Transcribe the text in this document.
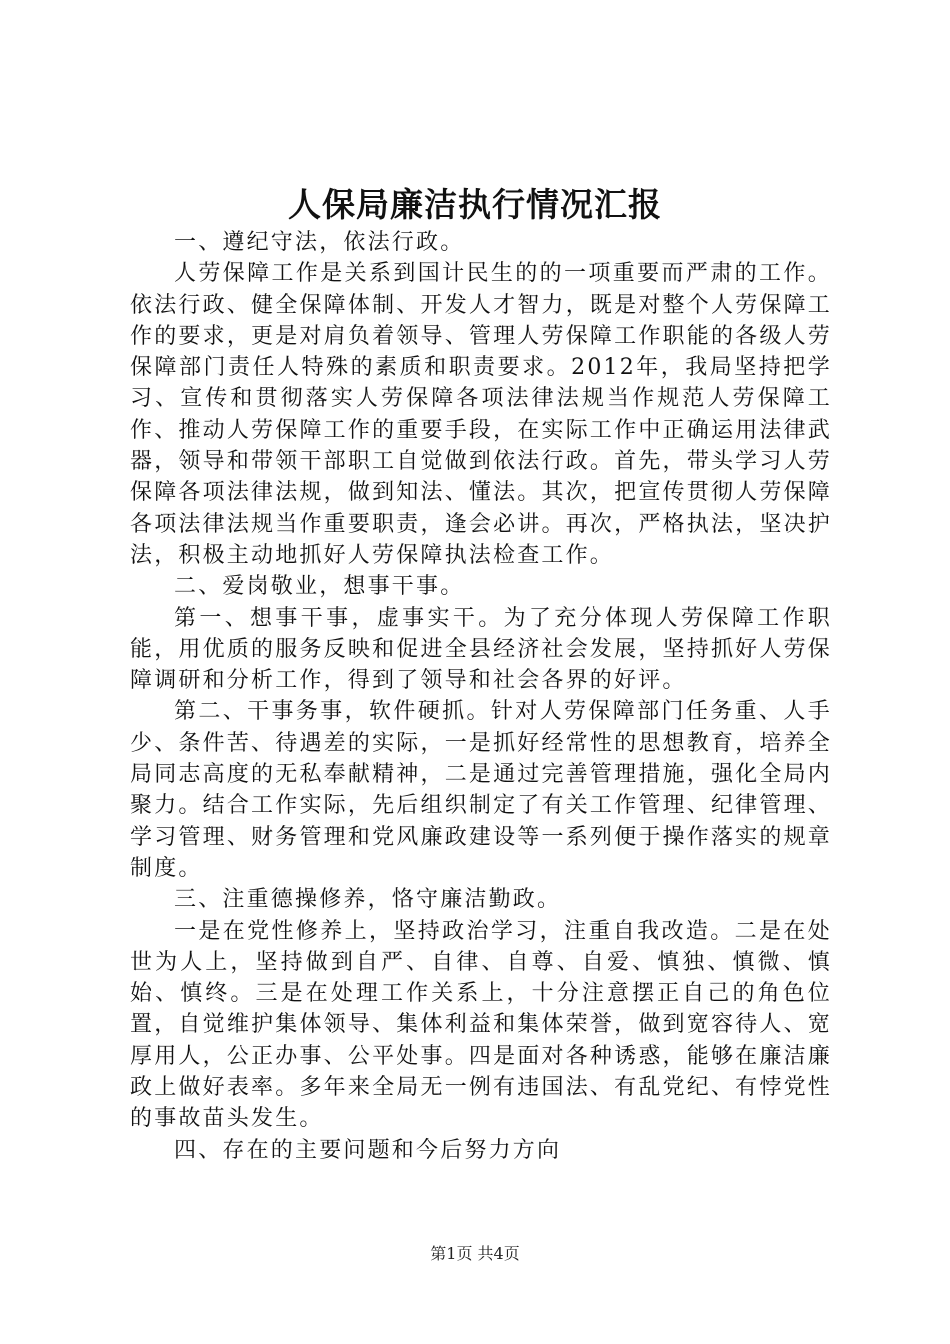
人保局廉洁执行情况汇报

一、遵纪守法，依法行政。

人劳保障工作是关系到国计民生的的一项重要而严肃的工作。依法行政、健全保障体制、开发人才智力，既是对整个人劳保障工作的要求，更是对肩负着领导、管理人劳保障工作职能的各级人劳保障部门责任人特殊的素质和职责要求。2012年，我局坚持把学习、宣传和贯彻落实人劳保障各项法律法规当作规范人劳保障工作、推动人劳保障工作的重要手段，在实际工作中正确运用法律武器，领导和带领干部职工自觉做到依法行政。首先，带头学习人劳保障各项法律法规，做到知法、懂法。其次，把宣传贯彻人劳保障各项法律法规当作重要职责，逢会必讲。再次，严格执法，坚决护法，积极主动地抓好人劳保障执法检查工作。

二、爱岗敬业，想事干事。

第一、想事干事，虚事实干。为了充分体现人劳保障工作职能，用优质的服务反映和促进全县经济社会发展，坚持抓好人劳保障调研和分析工作，得到了领导和社会各界的好评。

第二、干事务事，软件硬抓。针对人劳保障部门任务重、人手少、条件苦、待遇差的实际，一是抓好经常性的思想教育，培养全局同志高度的无私奉献精神，二是通过完善管理措施，强化全局内聚力。结合工作实际，先后组织制定了有关工作管理、纪律管理、学习管理、财务管理和党风廉政建设等一系列便于操作落实的规章制度。

三、注重德操修养，恪守廉洁勤政。

一是在党性修养上，坚持政治学习，注重自我改造。二是在处世为人上，坚持做到自严、自律、自尊、自爱、慎独、慎微、慎始、慎终。三是在处理工作关系上，十分注意摆正自己的角色位置，自觉维护集体领导、集体利益和集体荣誉，做到宽容待人、宽厚用人，公正办事、公平处事。四是面对各种诱惑，能够在廉洁廉政上做好表率。多年来全局无一例有违国法、有乱党纪、有悖党性的事故苗头发生。

四、存在的主要问题和今后努力方向

第1页 共4页
